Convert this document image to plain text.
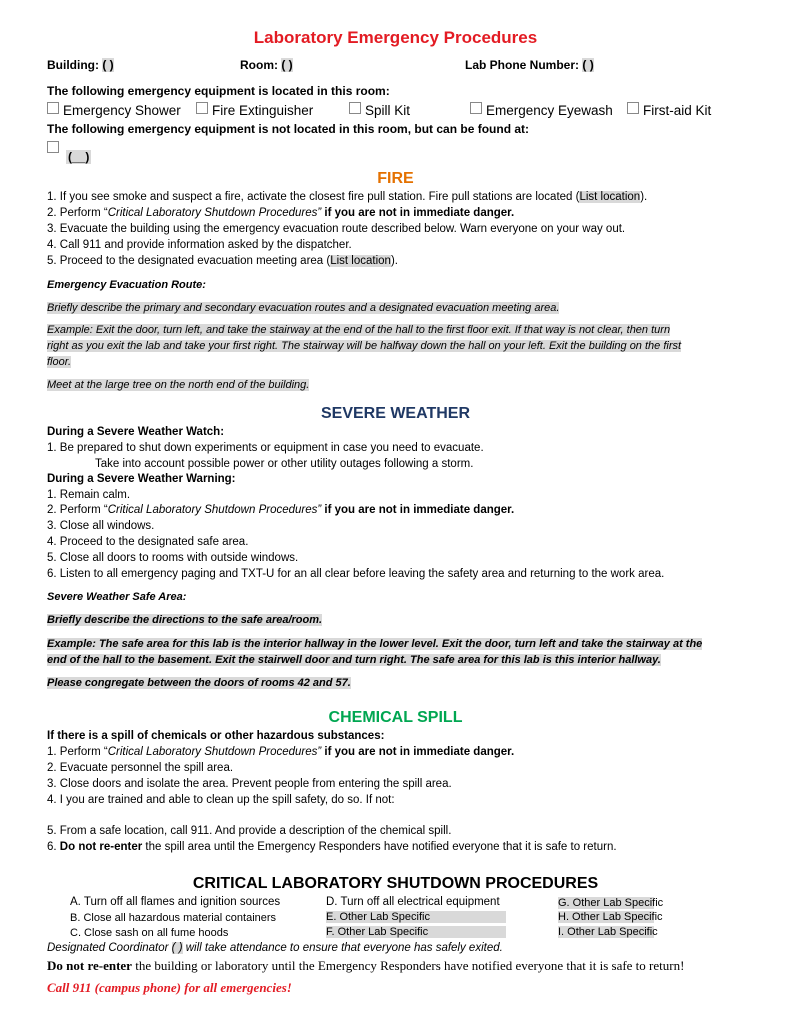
Laboratory Emergency Procedures
Building: ( )	Room: ( )	Lab Phone Number: ( )
The following emergency equipment is located in this room:
Emergency Shower	Fire Extinguisher	Spill Kit	Emergency Eyewash	First-aid Kit
The following emergency equipment is not located in this room, but can be found at:
(__)
FIRE
1. If you see smoke and suspect a fire, activate the closest fire pull station. Fire pull stations are located (List location).
2. Perform “Critical Laboratory Shutdown Procedures” if you are not in immediate danger.
3. Evacuate the building using the emergency evacuation route described below. Warn everyone on your way out.
4. Call 911 and provide information asked by the dispatcher.
5. Proceed to the designated evacuation meeting area (List location).
Emergency Evacuation Route:
Briefly describe the primary and secondary evacuation routes and a designated evacuation meeting area.
Example: Exit the door, turn left, and take the stairway at the end of the hall to the first floor exit. If that way is not clear, then turn
right as you exit the lab and take your first right. The stairway will be halfway down the hall on your left. Exit the building on the first
floor.
Meet at the large tree on the north end of the building.
SEVERE WEATHER
During a Severe Weather Watch:
1. Be prepared to shut down experiments or equipment in case you need to evacuate.
Take into account possible power or other utility outages following a storm.
During a Severe Weather Warning:
1. Remain calm.
2. Perform “Critical Laboratory Shutdown Procedures” if you are not in immediate danger.
3. Close all windows.
4. Proceed to the designated safe area.
5. Close all doors to rooms with outside windows.
6. Listen to all emergency paging and TXT-U for an all clear before leaving the safety area and returning to the work area.
Severe Weather Safe Area:
Briefly describe the directions to the safe area/room.
Example: The safe area for this lab is the interior hallway in the lower level. Exit the door, turn left and take the stairway at the
end of the hall to the basement. Exit the stairwell door and turn right. The safe area for this lab is this interior hallway.
Please congregate between the doors of rooms 42 and 57.
CHEMICAL SPILL
If there is a spill of chemicals or other hazardous substances:
1. Perform “Critical Laboratory Shutdown Procedures” if you are not in immediate danger.
2. Evacuate personnel the spill area.
3. Close doors and isolate the area. Prevent people from entering the spill area.
4. I you are trained and able to clean up the spill safety, do so. If not:
5. From a safe location, call 911. And provide a description of the chemical spill.
6. Do not re-enter the spill area until the Emergency Responders have notified everyone that it is safe to return.
CRITICAL LABORATORY SHUTDOWN PROCEDURES
A. Turn off all flames and ignition sources
B. Close all hazardous material containers
C. Close sash on all fume hoods
D. Turn off all electrical equipment
E. Other Lab Specific
F. Other Lab Specific
G. Other Lab Specific
H. Other Lab Specific
I. Other Lab Specific
Designated Coordinator ( ) will take attendance to ensure that everyone has safely exited.
Do not re-enter the building or laboratory until the Emergency Responders have notified everyone that it is safe to return!
Call 911 (campus phone) for all emergencies!
